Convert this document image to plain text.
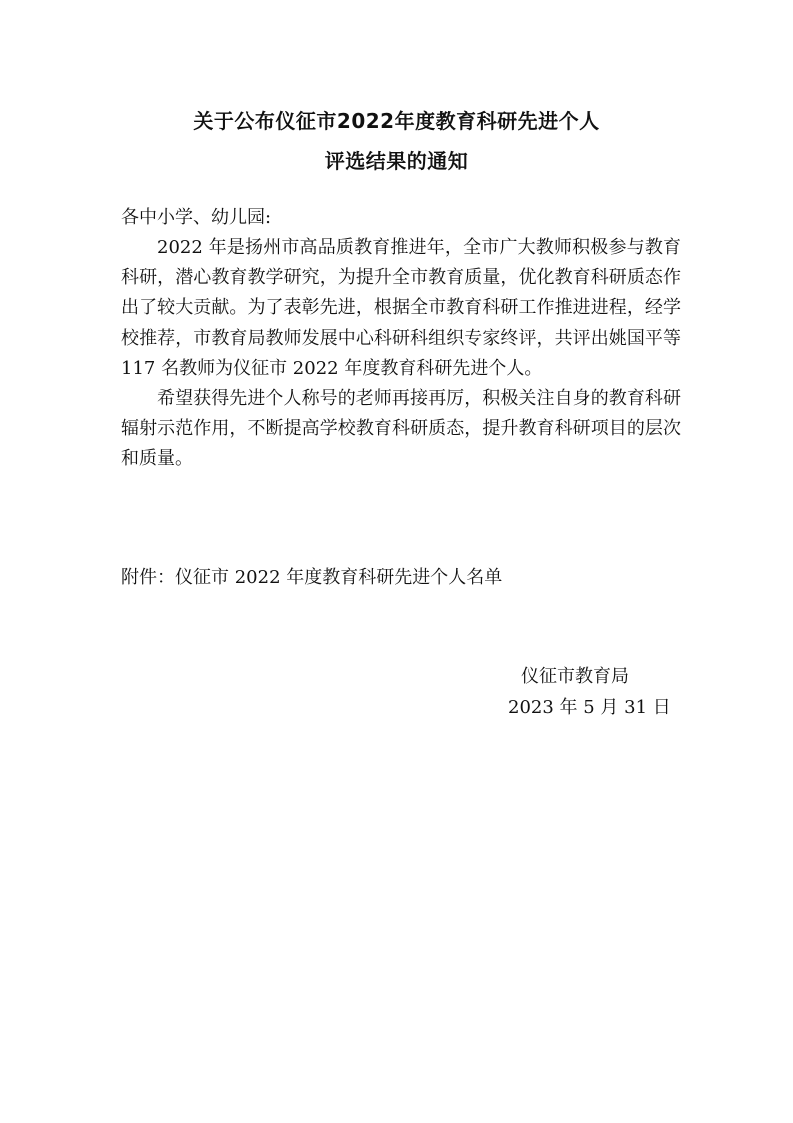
关于公布仪征市2022年度教育科研先进个人
评选结果的通知
各中小学、幼儿园:

2022 年是扬州市高品质教育推进年，全市广大教师积极参与教育科研，潜心教育教学研究，为提升全市教育质量，优化教育科研质态作出了较大贡献。为了表彰先进，根据全市教育科研工作推进进程，经学校推荐，市教育局教师发展中心科研科组织专家终评，共评出姚国平等 117 名教师为仪征市 2022 年度教育科研先进个人。

希望获得先进个人称号的老师再接再厉，积极关注自身的教育科研辐射示范作用，不断提高学校教育科研质态，提升教育科研项目的层次和质量。

附件：仪征市 2022 年度教育科研先进个人名单
仪征市教育局
2023 年 5 月 31 日
